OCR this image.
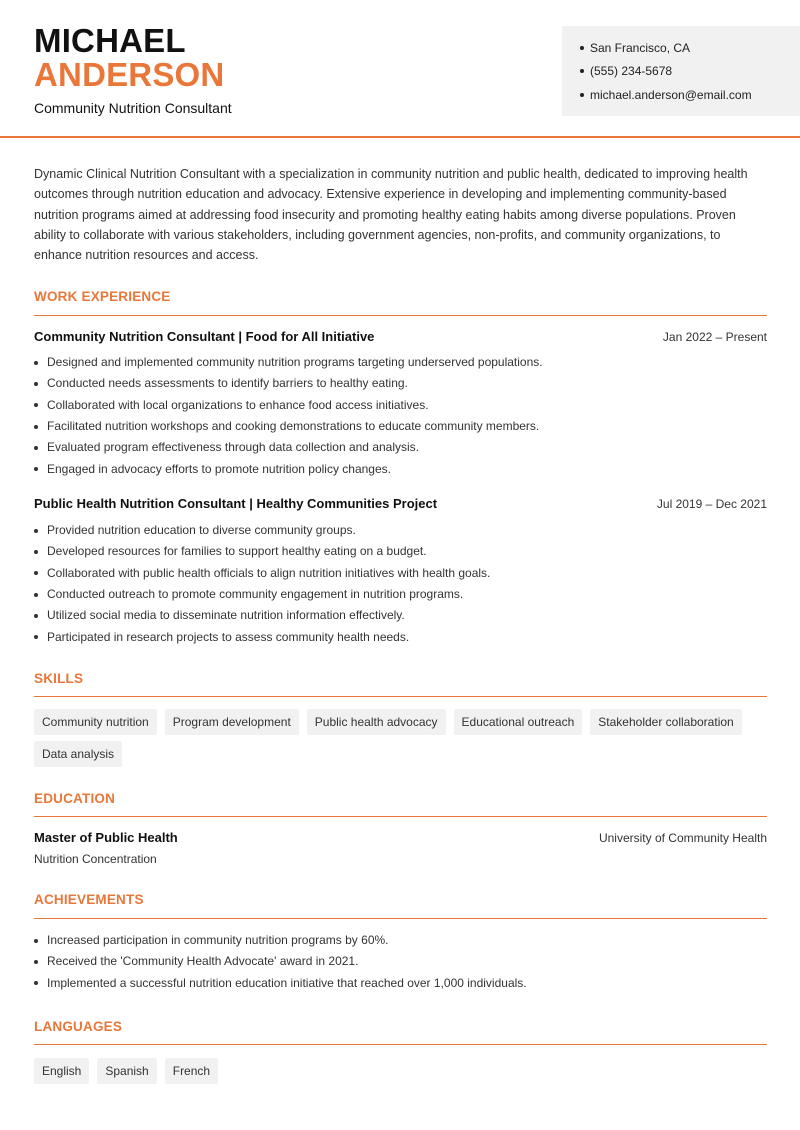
MICHAEL
ANDERSON
Community Nutrition Consultant
San Francisco, CA
(555) 234-5678
michael.anderson@email.com
Dynamic Clinical Nutrition Consultant with a specialization in community nutrition and public health, dedicated to improving health outcomes through nutrition education and advocacy. Extensive experience in developing and implementing community-based nutrition programs aimed at addressing food insecurity and promoting healthy eating habits among diverse populations. Proven ability to collaborate with various stakeholders, including government agencies, non-profits, and community organizations, to enhance nutrition resources and access.
WORK EXPERIENCE
Community Nutrition Consultant | Food for All Initiative	Jan 2022 – Present
Designed and implemented community nutrition programs targeting underserved populations.
Conducted needs assessments to identify barriers to healthy eating.
Collaborated with local organizations to enhance food access initiatives.
Facilitated nutrition workshops and cooking demonstrations to educate community members.
Evaluated program effectiveness through data collection and analysis.
Engaged in advocacy efforts to promote nutrition policy changes.
Public Health Nutrition Consultant | Healthy Communities Project	Jul 2019 – Dec 2021
Provided nutrition education to diverse community groups.
Developed resources for families to support healthy eating on a budget.
Collaborated with public health officials to align nutrition initiatives with health goals.
Conducted outreach to promote community engagement in nutrition programs.
Utilized social media to disseminate nutrition information effectively.
Participated in research projects to assess community health needs.
SKILLS
Community nutrition	Program development	Public health advocacy	Educational outreach	Stakeholder collaboration
Data analysis
EDUCATION
Master of Public Health	University of Community Health
Nutrition Concentration
ACHIEVEMENTS
Increased participation in community nutrition programs by 60%.
Received the 'Community Health Advocate' award in 2021.
Implemented a successful nutrition education initiative that reached over 1,000 individuals.
LANGUAGES
English	Spanish	French
